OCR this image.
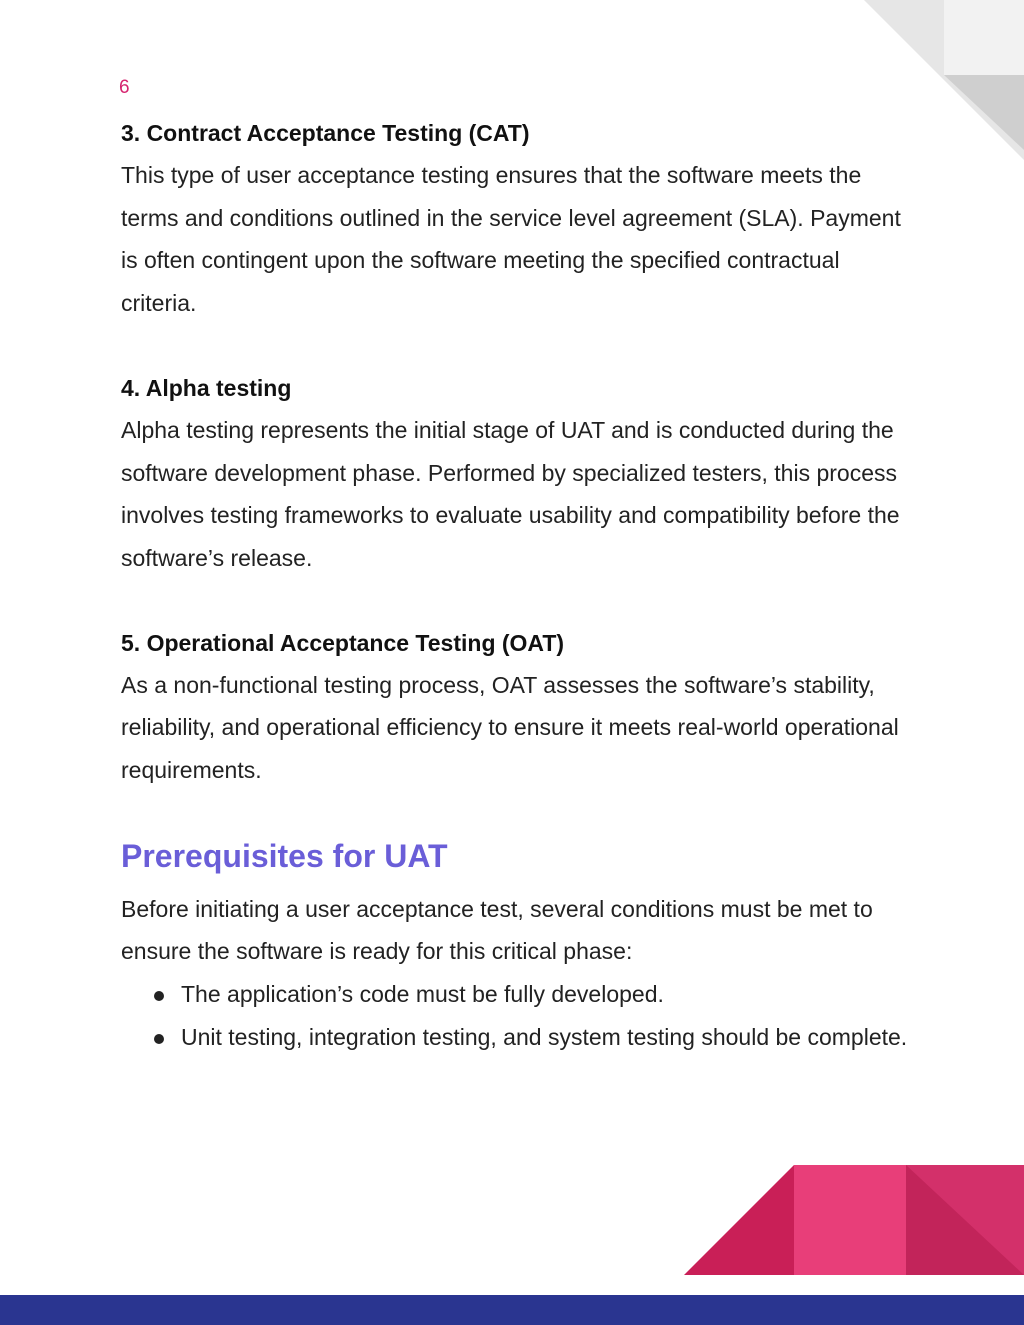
6

3. Contract Acceptance Testing (CAT)

This type of user acceptance testing ensures that the software meets the terms and conditions outlined in the service level agreement (SLA). Payment is often contingent upon the software meeting the specified contractual criteria.

4. Alpha testing

Alpha testing represents the initial stage of UAT and is conducted during the software development phase. Performed by specialized testers, this process involves testing frameworks to evaluate usability and compatibility before the software’s release.

5. Operational Acceptance Testing (OAT)

As a non-functional testing process, OAT assesses the software’s stability, reliability, and operational efficiency to ensure it meets real-world operational requirements.

Prerequisites for UAT

Before initiating a user acceptance test, several conditions must be met to ensure the software is ready for this critical phase:

The application’s code must be fully developed.
Unit testing, integration testing, and system testing should be complete.
